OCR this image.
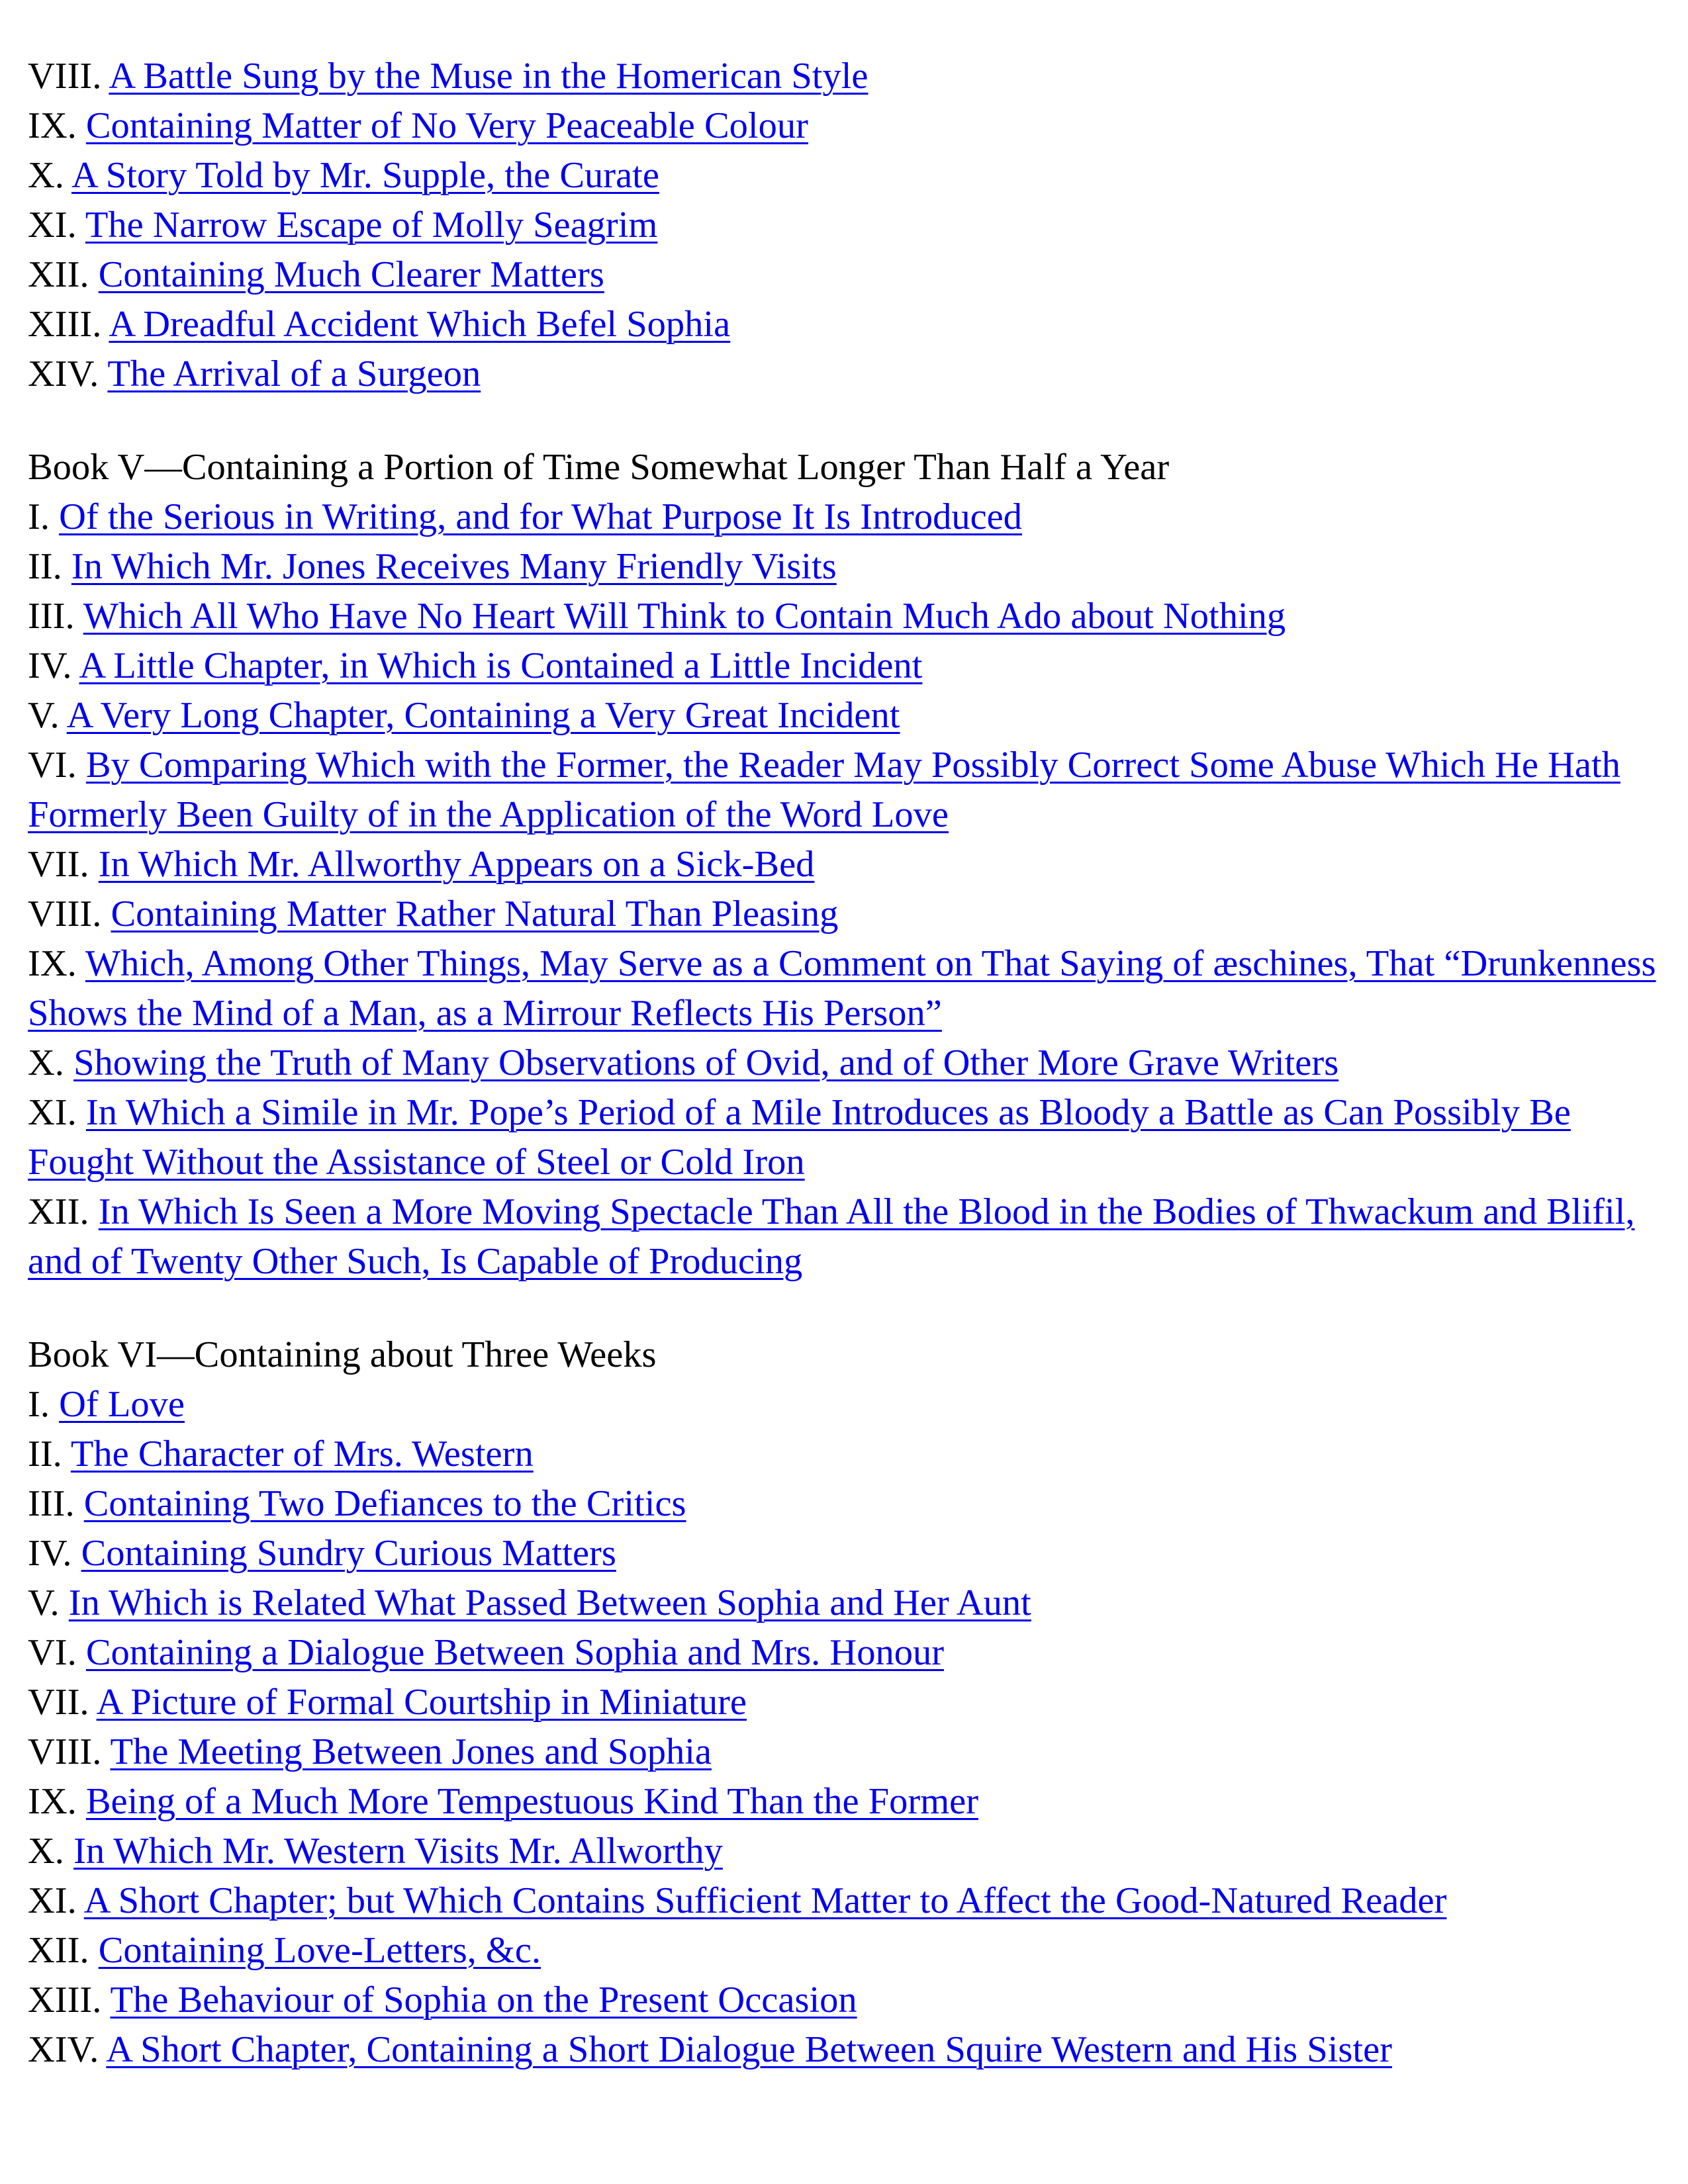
VIII. A Battle Sung by the Muse in the Homerican Style
IX. Containing Matter of No Very Peaceable Colour
X. A Story Told by Mr. Supple, the Curate
XI. The Narrow Escape of Molly Seagrim
XII. Containing Much Clearer Matters
XIII. A Dreadful Accident Which Befel Sophia
XIV. The Arrival of a Surgeon
Book V—Containing a Portion of Time Somewhat Longer Than Half a Year
I. Of the Serious in Writing, and for What Purpose It Is Introduced
II. In Which Mr. Jones Receives Many Friendly Visits
III. Which All Who Have No Heart Will Think to Contain Much Ado about Nothing
IV. A Little Chapter, in Which is Contained a Little Incident
V. A Very Long Chapter, Containing a Very Great Incident
VI. By Comparing Which with the Former, the Reader May Possibly Correct Some Abuse Which He Hath Formerly Been Guilty of in the Application of the Word Love
VII. In Which Mr. Allworthy Appears on a Sick-Bed
VIII. Containing Matter Rather Natural Than Pleasing
IX. Which, Among Other Things, May Serve as a Comment on That Saying of æschines, That “Drunkenness Shows the Mind of a Man, as a Mirrour Reflects His Person”
X. Showing the Truth of Many Observations of Ovid, and of Other More Grave Writers
XI. In Which a Simile in Mr. Pope’s Period of a Mile Introduces as Bloody a Battle as Can Possibly Be Fought Without the Assistance of Steel or Cold Iron
XII. In Which Is Seen a More Moving Spectacle Than All the Blood in the Bodies of Thwackum and Blifil, and of Twenty Other Such, Is Capable of Producing
Book VI—Containing about Three Weeks
I. Of Love
II. The Character of Mrs. Western
III. Containing Two Defiances to the Critics
IV. Containing Sundry Curious Matters
V. In Which is Related What Passed Between Sophia and Her Aunt
VI. Containing a Dialogue Between Sophia and Mrs. Honour
VII. A Picture of Formal Courtship in Miniature
VIII. The Meeting Between Jones and Sophia
IX. Being of a Much More Tempestuous Kind Than the Former
X. In Which Mr. Western Visits Mr. Allworthy
XI. A Short Chapter; but Which Contains Sufficient Matter to Affect the Good-Natured Reader
XII. Containing Love-Letters, &c.
XIII. The Behaviour of Sophia on the Present Occasion
XIV. A Short Chapter, Containing a Short Dialogue Between Squire Western and His Sister
